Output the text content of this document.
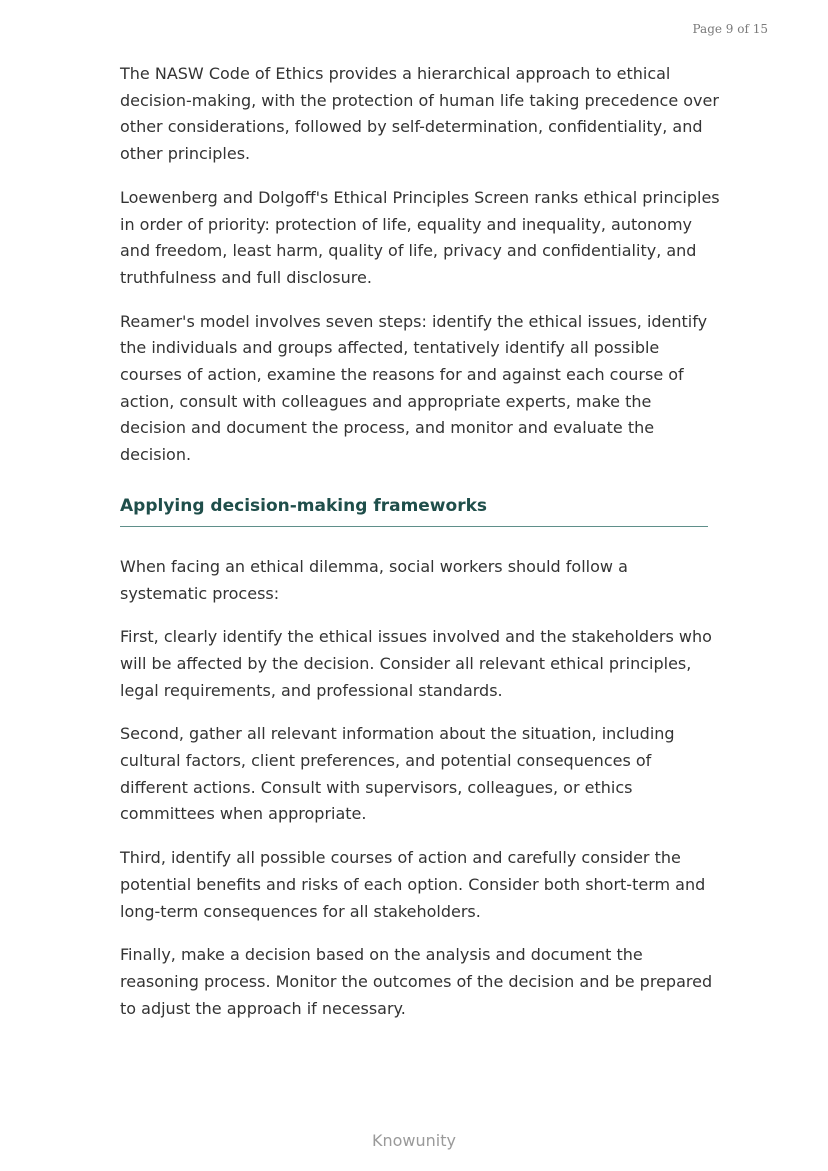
Page 9 of 15

The NASW Code of Ethics provides a hierarchical approach to ethical decision-making, with the protection of human life taking precedence over other considerations, followed by self-determination, confidentiality, and other principles.

Loewenberg and Dolgoff's Ethical Principles Screen ranks ethical principles in order of priority: protection of life, equality and inequality, autonomy and freedom, least harm, quality of life, privacy and confidentiality, and truthfulness and full disclosure.

Reamer's model involves seven steps: identify the ethical issues, identify the individuals and groups affected, tentatively identify all possible courses of action, examine the reasons for and against each course of action, consult with colleagues and appropriate experts, make the decision and document the process, and monitor and evaluate the decision.

Applying decision-making frameworks

When facing an ethical dilemma, social workers should follow a systematic process:

First, clearly identify the ethical issues involved and the stakeholders who will be affected by the decision. Consider all relevant ethical principles, legal requirements, and professional standards.

Second, gather all relevant information about the situation, including cultural factors, client preferences, and potential consequences of different actions. Consult with supervisors, colleagues, or ethics committees when appropriate.

Third, identify all possible courses of action and carefully consider the potential benefits and risks of each option. Consider both short-term and long-term consequences for all stakeholders.

Finally, make a decision based on the analysis and document the reasoning process. Monitor the outcomes of the decision and be prepared to adjust the approach if necessary.

Knowunity
